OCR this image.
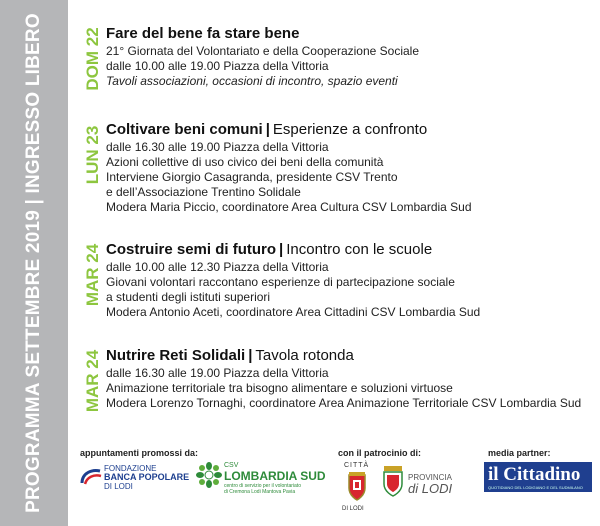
PROGRAMMA SETTEMBRE 2019 | INGRESSO LIBERO DOM 22 Fare del bene fa stare bene
21° Giornata del Volontariato e della Cooperazione Sociale
dalle 10.00 alle 19.00 Piazza della Vittoria
Tavoli associazioni, occasioni di incontro, spazio eventi
LUN 23 Coltivare beni comuni | Esperienze a confronto
dalle 16.30 alle 19.00 Piazza della Vittoria
Azioni collettive di uso civico dei beni della comunità
Interviene Giorgio Casagranda, presidente CSV Trento
e dell’Associazione Trentino Solidale
Modera Maria Piccio, coordinatore Area Cultura CSV Lombardia Sud
MAR 24 Costruire semi di futuro | Incontro con le scuole
dalle 10.00 alle 12.30 Piazza della Vittoria
Giovani volontari raccontano esperienze di partecipazione sociale
a studenti degli istituti superiori
Modera Antonio Aceti, coordinatore Area Cittadini CSV Lombardia Sud
MAR 24 Nutrire Reti Solidali | Tavola rotonda
dalle 16.30 alle 19.00 Piazza della Vittoria
Animazione territoriale tra bisogno alimentare e soluzioni virtuose
Modera Lorenzo Tornaghi, coordinatore Area Animazione Territoriale CSV Lombardia Sud
appuntamenti promossi da:	con il patrocinio di:	media partner:
FONDAZIONE
BANCA POPOLARE
DI LODI
CSV
LOMBARDIA SUD
centro di servizio per il volontariato
di Cremona Lodi Mantova Pavia
CITTÀ
DI LODI
PROVINCIA
di LODI
il Cittadino
QUOTIDIANO DEL LODIGIANO E DEL SUDMILANO
